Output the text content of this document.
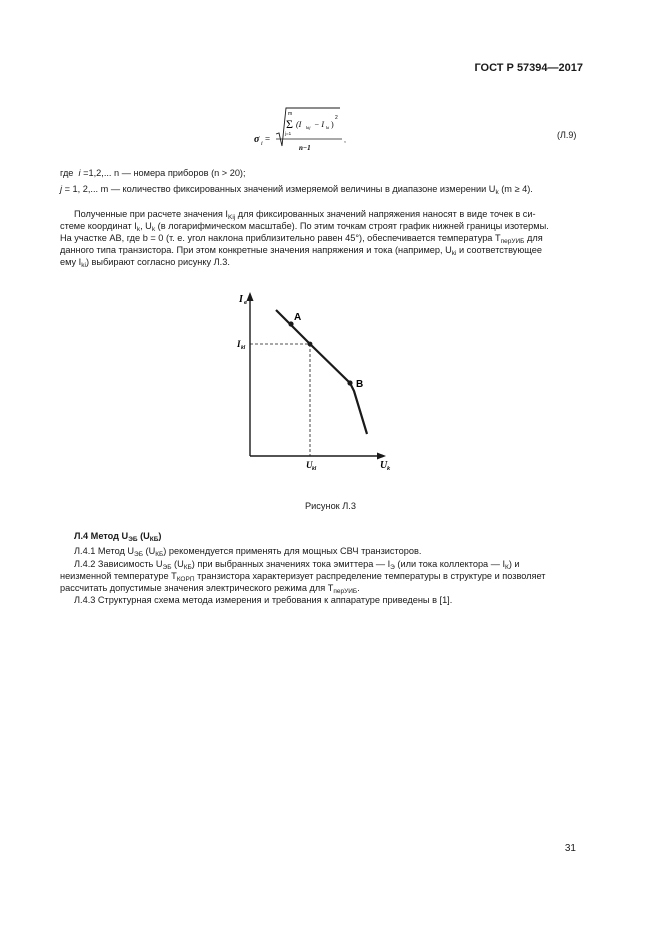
ГОСТ Р 57394—2017
σ i =
m
Σ
j=1
(I kij − I ki )
2
n−1
,
(Л.9)
где i =1,2,... n — номера приборов (n > 20);
j = 1, 2,... m — количество фиксированных значений измеряемой величины в диапазоне измерении $U_k$ (m ≥ 4).
Полученные при расчете значения $I_{Kij}$ для фиксированных значений напряжения наносят в виде точек в си-
стеме координат $I_k$, $U_k$ (в логарифмическом масштабе). По этим точкам строят график нижней границы изотермы.
На участке АВ, где b = 0 (т. е. угол наклона приблизительно равен 45°), обеспечивается температура $T_{перУИБ}$ для
данного типа транзистора. При этом конкретные значения напряжения и тока (например, $U_{ki}$ и соответствующее
ему $I_{ki}$) выбирают согласно рисунку Л.3.
I e
U k
I kI
U kI
A
B
Рисунок Л.3
Л.4 Метод $U_{ЭБ}$ $(U_{КБ})$
Л.4.1 Метод $U_{ЭБ}$ $(U_{КБ})$ рекомендуется применять для мощных СВЧ транзисторов.
Л.4.2 Зависимость $U_{ЭБ}$ $(U_{КБ})$ при выбранных значениях тока эмиттера — $I_Э$ (или тока коллектора — $I_К$) и
неизменной температуре $T_{КОРП}$ транзистора характеризует распределение температуры в структуре и позволяет
рассчитать допустимые значения электрического режима для $T_{перУИБ}$.
Л.4.3 Структурная схема метода измерения и требования к аппаратуре приведены в [1].
31
